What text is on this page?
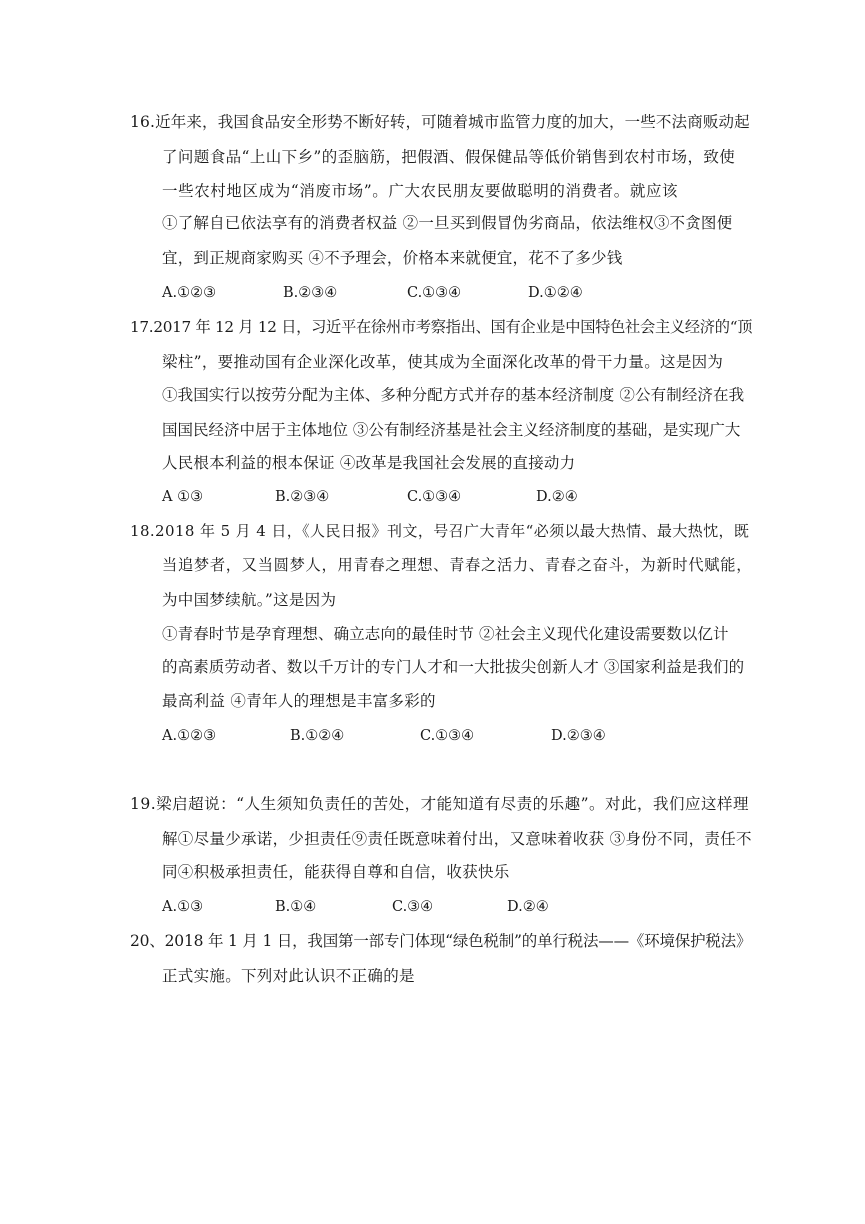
16.近年来，我国食品安全形势不断好转，可随着城市监管力度的加大，一些不法商贩动起
了问题食品“上山下乡”的歪脑筋，把假酒、假保健品等低价销售到农村市场，致使
一些农村地区成为“消废市场”。广大农民朋友要做聪明的消费者。就应该
①了解自已依法享有的消费者权益 ②一旦买到假冒伪劣商品，依法维权③不贪图便
宜，到正规商家购买 ④不予理会，价格本来就便宜，花不了多少钱
A.①②③	B.②③④	C.①③④	D.①②④
17.2017 年 12 月 12 日，习近平在徐州市考察指出、国有企业是中国特色社会主义经济的“顶
梁柱”，要推动国有企业深化改革，使其成为全面深化改革的骨干力量。这是因为
①我国实行以按劳分配为主体、多种分配方式并存的基本经济制度 ②公有制经济在我
国国民经济中居于主体地位 ③公有制经济基是社会主义经济制度的基础，是实现广大
人民根本利益的根本保证 ④改革是我国社会发展的直接动力
A ①③	B.②③④	C.①③④	D.②④
18.2018 年 5 月 4 日，《人民日报》刊文，号召广大青年“必须以最大热情、最大热忱，既
当追梦者，又当圆梦人，用青春之理想、青春之活力、青春之奋斗，为新时代赋能，
为中国梦续航。”这是因为
①青春时节是孕育理想、确立志向的最佳时节 ②社会主义现代化建设需要数以亿计
的高素质劳动者、数以千万计的专门人才和一大批拔尖创新人才 ③国家利益是我们的
最高利益 ④青年人的理想是丰富多彩的
A.①②③	B.①②④	C.①③④	D.②③④
19.梁启超说：“人生须知负责任的苦处，才能知道有尽责的乐趣”。对此，我们应这样理
解①尽量少承诺，少担责任⑨责任既意味着付出，又意味着收获 ③身份不同，责任不
同④积极承担责任，能获得自尊和自信，收获快乐
A.①③	B.①④	C.③④	D.②④
20、2018 年 1 月 1 日，我国第一部专门体现“绿色税制”的单行税法——《环境保护税法》
正式实施。下列对此认识不正确的是
